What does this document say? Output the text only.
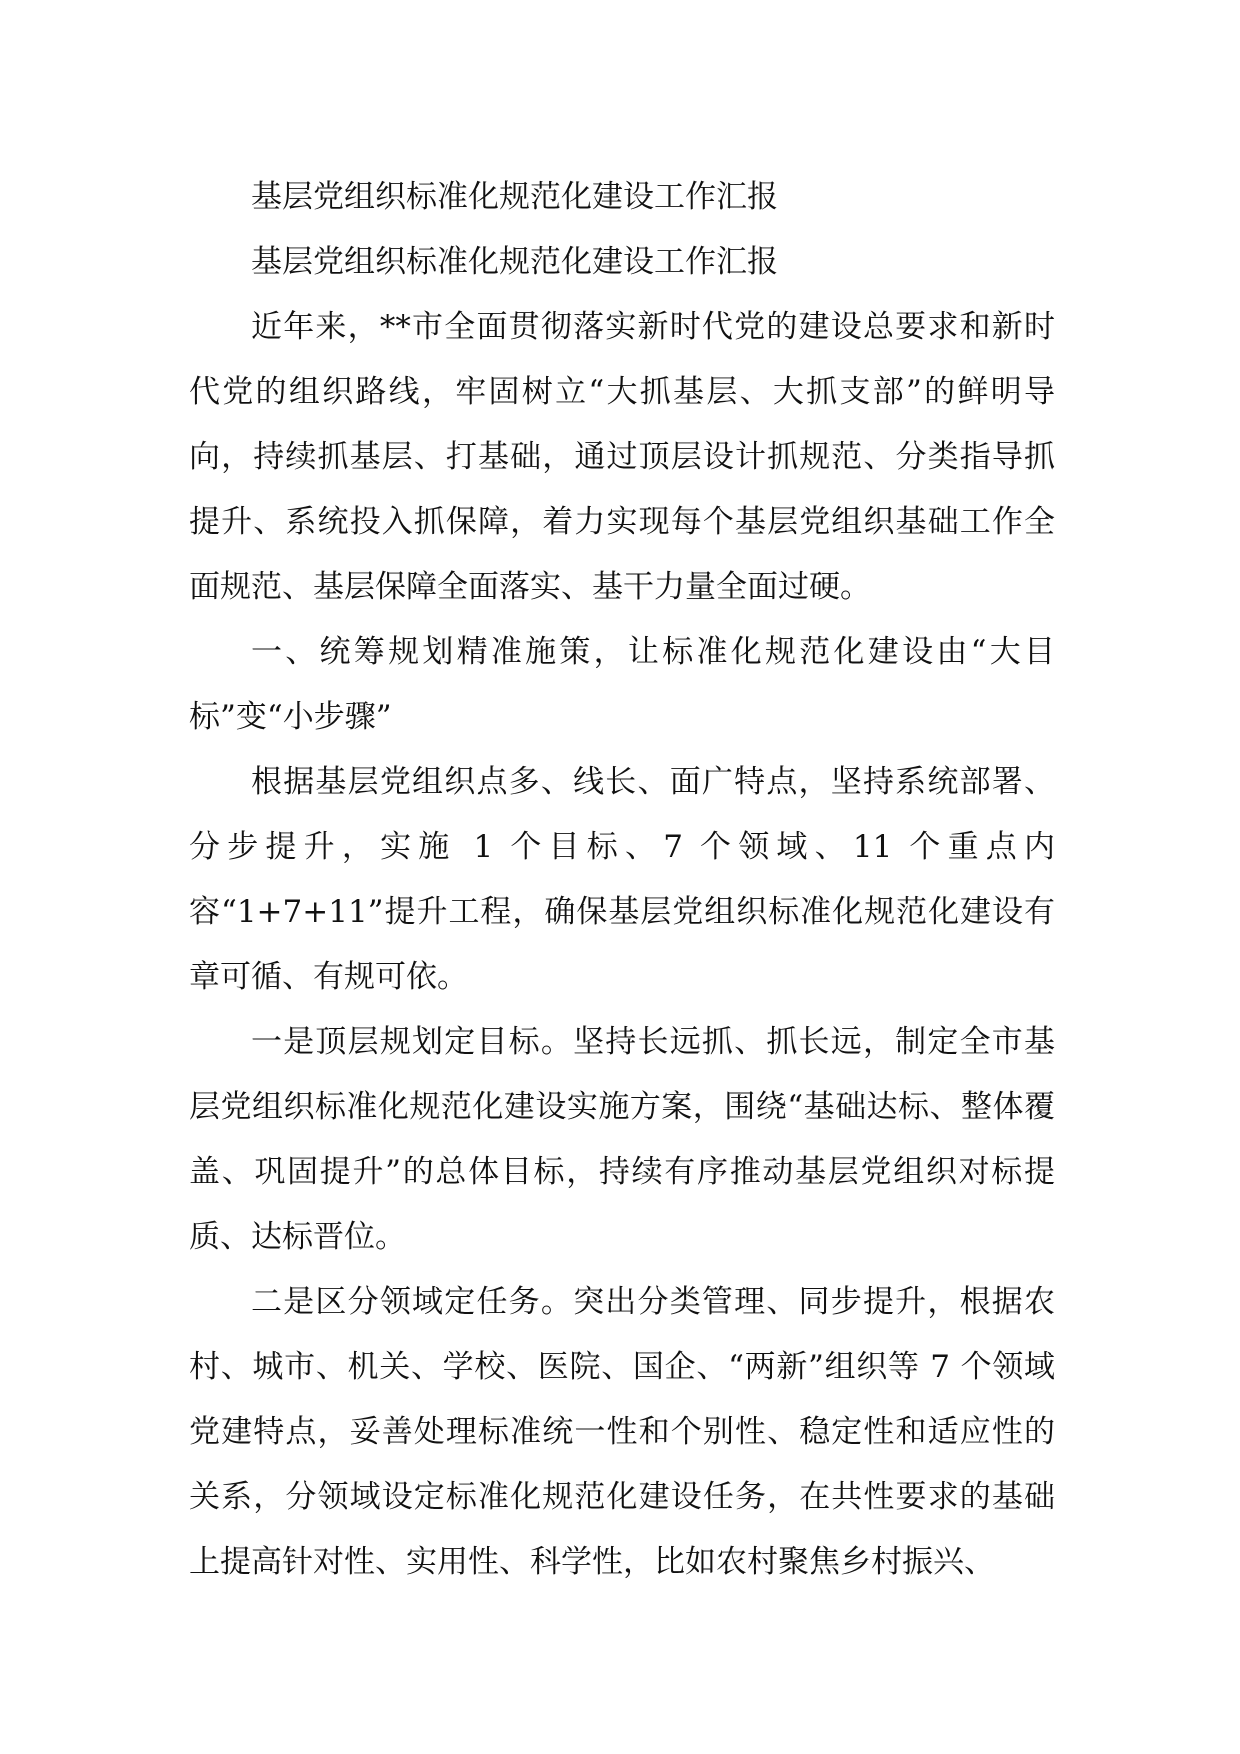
基层党组织标准化规范化建设工作汇报

基层党组织标准化规范化建设工作汇报

近年来，**市全面贯彻落实新时代党的建设总要求和新时代党的组织路线，牢固树立“大抓基层、大抓支部”的鲜明导向，持续抓基层、打基础，通过顶层设计抓规范、分类指导抓提升、系统投入抓保障，着力实现每个基层党组织基础工作全面规范、基层保障全面落实、基干力量全面过硬。

一、统筹规划精准施策，让标准化规范化建设由“大目标”变“小步骤”

根据基层党组织点多、线长、面广特点，坚持系统部署、分步提升，实施 1 个目标、7 个领域、11 个重点内容“1+7+11”提升工程，确保基层党组织标准化规范化建设有章可循、有规可依。

一是顶层规划定目标。坚持长远抓、抓长远，制定全市基层党组织标准化规范化建设实施方案，围绕“基础达标、整体覆盖、巩固提升”的总体目标，持续有序推动基层党组织对标提质、达标晋位。

二是区分领域定任务。突出分类管理、同步提升，根据农村、城市、机关、学校、医院、国企、“两新”组织等 7 个领域党建特点，妥善处理标准统一性和个别性、稳定性和适应性的关系，分领域设定标准化规范化建设任务，在共性要求的基础上提高针对性、实用性、科学性，比如农村聚焦乡村振兴、
